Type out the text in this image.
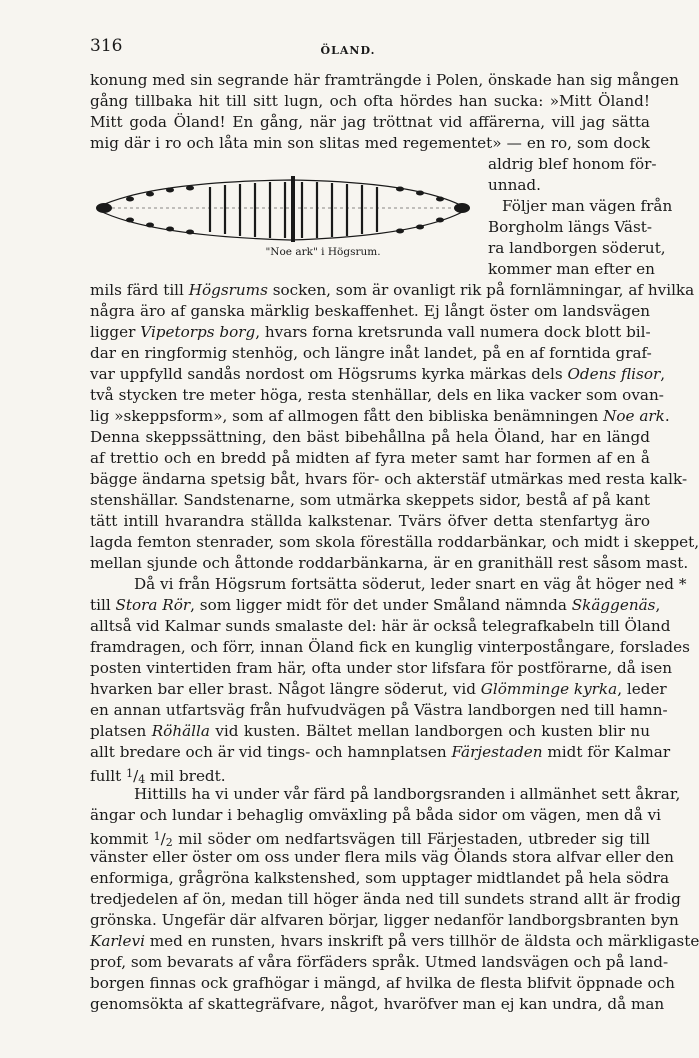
316	ÖLAND.
konung med sin segrande här framträngde i Polen, önskade han sig mången
gång tillbaka hit till sitt lugn, och ofta hördes han sucka: »Mitt Öland!
Mitt goda Öland! En gång, när jag tröttnat vid affärerna, vill jag sätta
mig där i ro och låta min son slitas med regementet» — en ro, som dock
"Noe ark" i Högsrum.
aldrig blef honom för-
unnad.
Följer man vägen från
Borgholm längs Väst-
ra landborgen söderut,
kommer man efter en
mils färd till Högsrums socken, som är ovanligt rik på fornlämningar, af hvilka
några äro af ganska märklig beskaffenhet. Ej långt öster om landsvägen
ligger Vipetorps borg, hvars forna kretsrunda vall numera dock blott bil-
dar en ringformig stenhög, och längre inåt landet, på en af forntida graf-
var uppfylld sandås nordost om Högsrums kyrka märkas dels Odens flisor,
två stycken tre meter höga, resta stenhällar, dels en lika vacker som ovan-
lig »skeppsform», som af allmogen fått den bibliska benämningen Noe ark.
Denna skeppssättning, den bäst bibehållna på hela Öland, har en längd
af trettio och en bredd på midten af fyra meter samt har formen af en å
bägge ändarna spetsig båt, hvars för- och akterstäf utmärkas med resta kalk-
stenshällar. Sandstenarne, som utmärka skeppets sidor, bestå af på kant
tätt intill hvarandra ställda kalkstenar. Tvärs öfver detta stenfartyg äro
lagda femton stenrader, som skola föreställa roddarbänkar, och midt i skeppet,
mellan sjunde och åttonde roddarbänkarna, är en granithäll rest såsom mast.
Då vi från Högsrum fortsätta söderut, leder snart en väg åt höger ned *
till Stora Rör, som ligger midt för det under Småland nämnda Skäggenäs,
alltså vid Kalmar sunds smalaste del: här är också telegrafkabeln till Öland
framdragen, och förr, innan Öland fick en kunglig vinterpostångare, forslades
posten vintertiden fram här, ofta under stor lifsfara för postförarne, då isen
hvarken bar eller brast. Något längre söderut, vid Glömminge kyrka, leder
en annan utfartsväg från hufvudvägen på Västra landborgen ned till hamn-
platsen Röhälla vid kusten. Bältet mellan landborgen och kusten blir nu
allt bredare och är vid tings- och hamnplatsen Färjestaden midt för Kalmar
fullt $^1$/4 mil bredt.
Hittills ha vi under vår färd på landborgsranden i allmänhet sett åkrar,
ängar och lundar i behaglig omväxling på båda sidor om vägen, men då vi
kommit $^1$/2 mil söder om nedfartsvägen till Färjestaden, utbreder sig till
vänster eller öster om oss under flera mils väg Ölands stora alfvar eller den
enformiga, grågröna kalkstenshed, som upptager midtlandet på hela södra
tredjedelen af ön, medan till höger ända ned till sundets strand allt är frodig
grönska. Ungefär där alfvaren börjar, ligger nedanför landborgsbranten byn
Karlevi med en runsten, hvars inskrift på vers tillhör de äldsta och märkligaste
prof, som bevarats af våra förfäders språk. Utmed landsvägen och på land-
borgen finnas ock grafhögar i mängd, af hvilka de flesta blifvit öppnade och
genomsökta af skattegräfvare, något, hvaröfver man ej kan undra, då man
